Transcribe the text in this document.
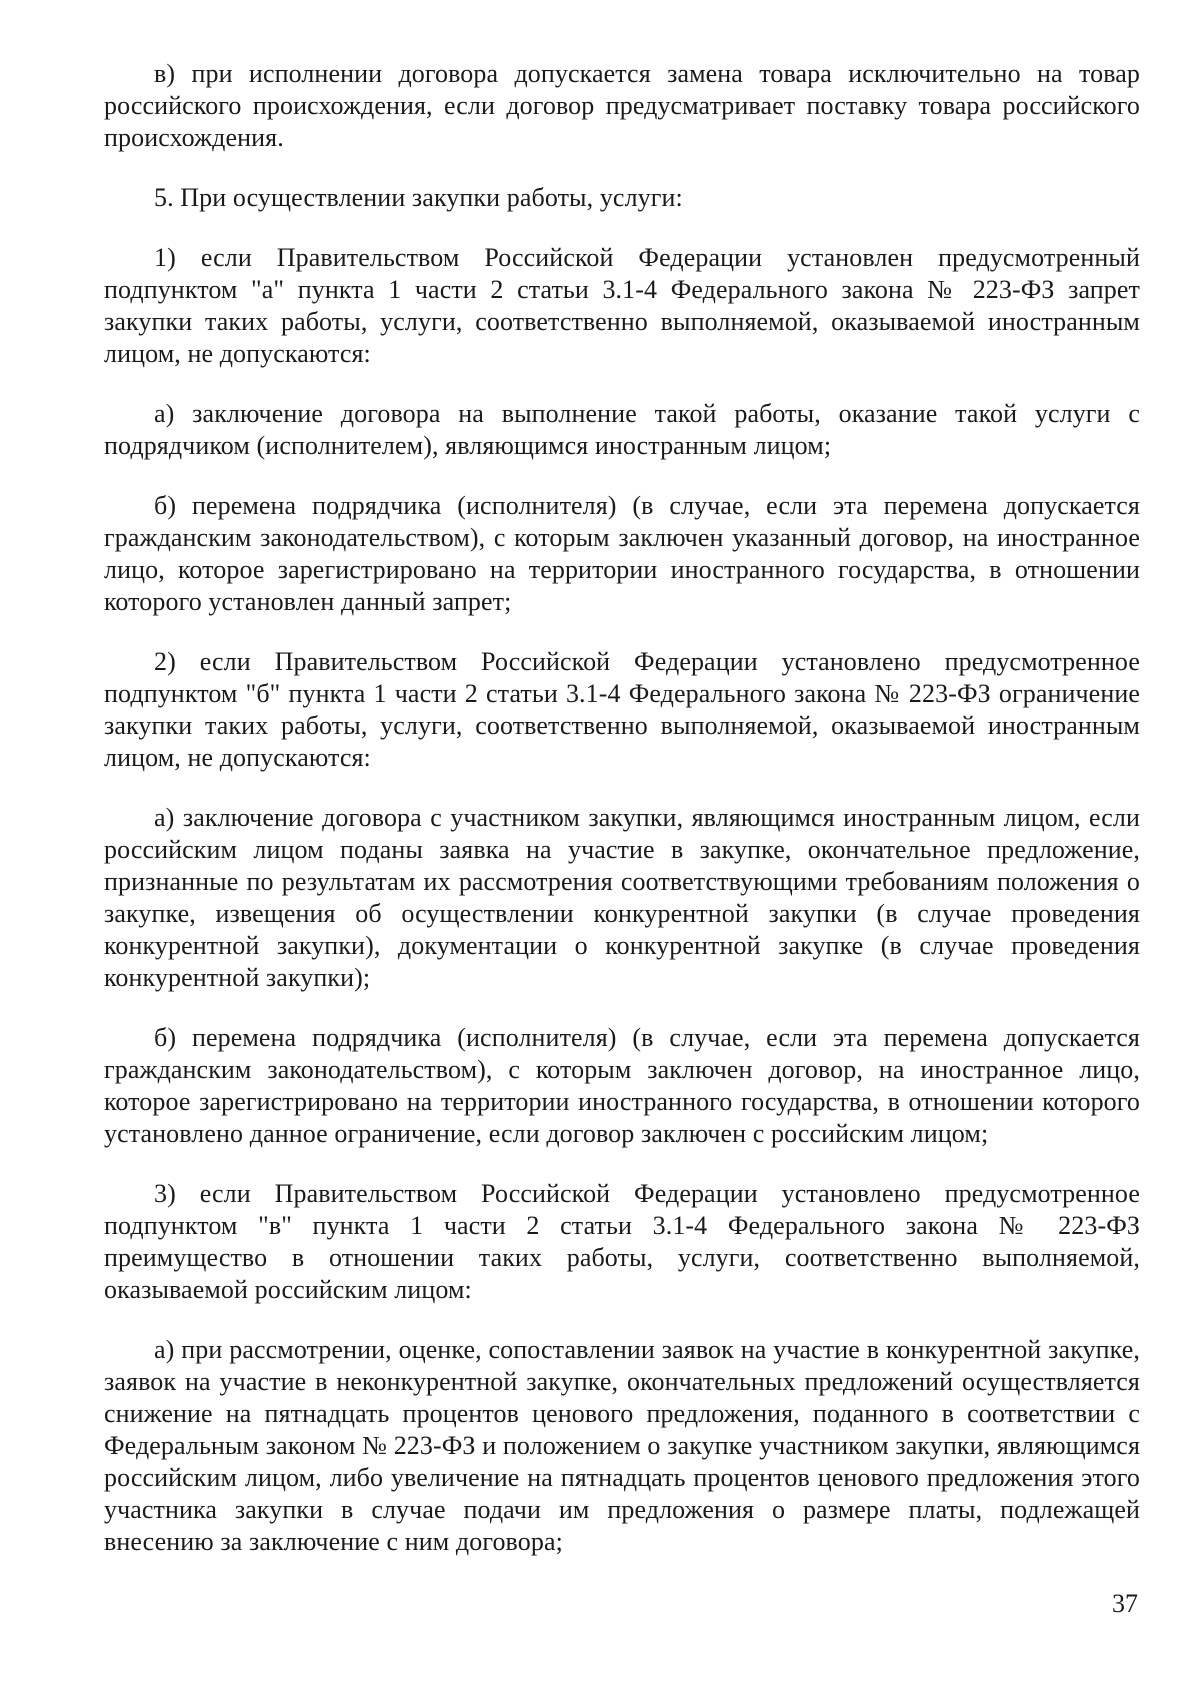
в) при исполнении договора допускается замена товара исключительно на товар российского происхождения, если договор предусматривает поставку товара российского происхождения.

5. При осуществлении закупки работы, услуги:

1) если Правительством Российской Федерации установлен предусмотренный подпунктом "а" пункта 1 части 2 статьи 3.1-4 Федерального закона № 223-ФЗ запрет закупки таких работы, услуги, соответственно выполняемой, оказываемой иностранным лицом, не допускаются:

а) заключение договора на выполнение такой работы, оказание такой услуги с подрядчиком (исполнителем), являющимся иностранным лицом;

б) перемена подрядчика (исполнителя) (в случае, если эта перемена допускается гражданским законодательством), с которым заключен указанный договор, на иностранное лицо, которое зарегистрировано на территории иностранного государства, в отношении которого установлен данный запрет;

2) если Правительством Российской Федерации установлено предусмотренное подпунктом "б" пункта 1 части 2 статьи 3.1-4 Федерального закона № 223-ФЗ ограничение закупки таких работы, услуги, соответственно выполняемой, оказываемой иностранным лицом, не допускаются:

а) заключение договора с участником закупки, являющимся иностранным лицом, если российским лицом поданы заявка на участие в закупке, окончательное предложение, признанные по результатам их рассмотрения соответствующими требованиям положения о закупке, извещения об осуществлении конкурентной закупки (в случае проведения конкурентной закупки), документации о конкурентной закупке (в случае проведения конкурентной закупки);

б) перемена подрядчика (исполнителя) (в случае, если эта перемена допускается гражданским законодательством), с которым заключен договор, на иностранное лицо, которое зарегистрировано на территории иностранного государства, в отношении которого установлено данное ограничение, если договор заключен с российским лицом;

3) если Правительством Российской Федерации установлено предусмотренное подпунктом "в" пункта 1 части 2 статьи 3.1-4 Федерального закона № 223-ФЗ преимущество в отношении таких работы, услуги, соответственно выполняемой, оказываемой российским лицом:

а) при рассмотрении, оценке, сопоставлении заявок на участие в конкурентной закупке, заявок на участие в неконкурентной закупке, окончательных предложений осуществляется снижение на пятнадцать процентов ценового предложения, поданного в соответствии с Федеральным законом № 223-ФЗ и положением о закупке участником закупки, являющимся российским лицом, либо увеличение на пятнадцать процентов ценового предложения этого участника закупки в случае подачи им предложения о размере платы, подлежащей внесению за заключение с ним договора;

37
